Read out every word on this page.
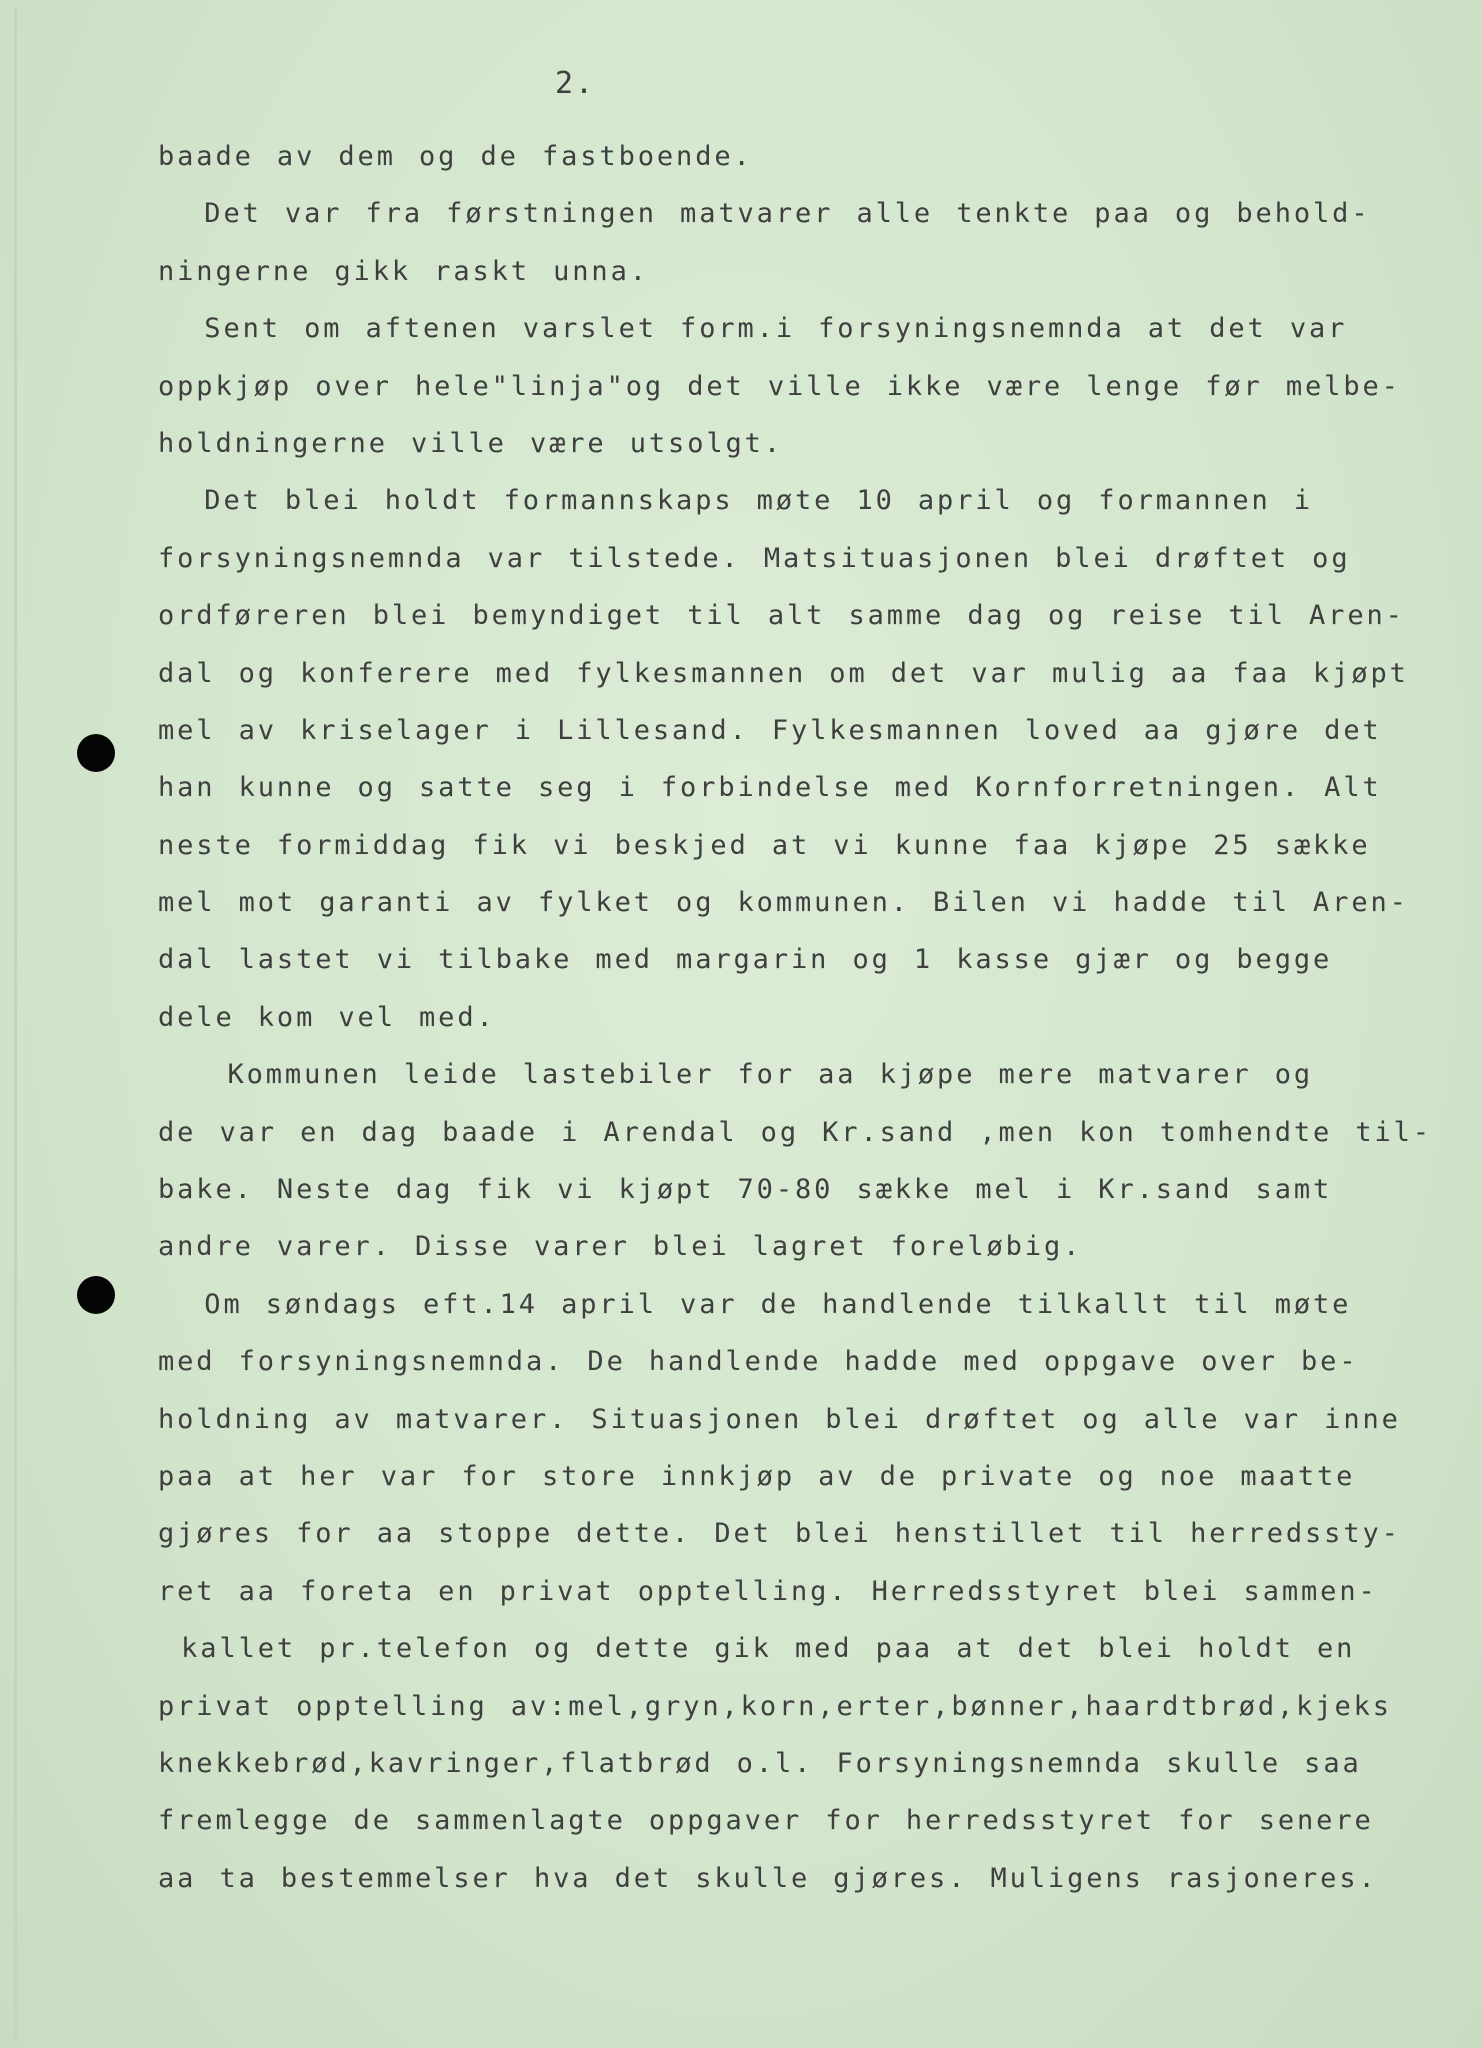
2.
baade av dem og de fastboende.
Det var fra førstningen matvarer alle tenkte paa og behold-
ningerne gikk raskt unna.
Sent om aftenen varslet form.i forsyningsnemnda at det var
oppkjøp over hele"linja"og det ville ikke være lenge før melbe-
holdningerne ville være utsolgt.
Det blei holdt formannskaps møte 10 april og formannen i
forsyningsnemnda var tilstede. Matsituasjonen blei drøftet og
ordføreren blei bemyndiget til alt samme dag og reise til Aren-
dal og konferere med fylkesmannen om det var mulig aa faa kjøpt
mel av kriselager i Lillesand. Fylkesmannen loved aa gjøre det
han kunne og satte seg i forbindelse med Kornforretningen. Alt
neste formiddag fik vi beskjed at vi kunne faa kjøpe 25 sække
mel mot garanti av fylket og kommunen. Bilen vi hadde til Aren-
dal lastet vi tilbake med margarin og 1 kasse gjær og begge
dele kom vel med.
Kommunen leide lastebiler for aa kjøpe mere matvarer og
de var en dag baade i Arendal og Kr.sand ,men kon tomhendte til-
bake. Neste dag fik vi kjøpt 70-80 sække mel i Kr.sand samt
andre varer. Disse varer blei lagret foreløbig.
Om søndags eft.14 april var de handlende tilkallt til møte
med forsyningsnemnda. De handlende hadde med oppgave over be-
holdning av matvarer. Situasjonen blei drøftet og alle var inne
paa at her var for store innkjøp av de private og noe maatte
gjøres for aa stoppe dette. Det blei henstillet til herredssty-
ret aa foreta en privat opptelling. Herredsstyret blei sammen-
kallet pr.telefon og dette gik med paa at det blei holdt en
privat opptelling av:mel,gryn,korn,erter,bønner,haardtbrød,kjeks
knekkebrød,kavringer,flatbrød o.l. Forsyningsnemnda skulle saa
fremlegge de sammenlagte oppgaver for herredsstyret for senere
aa ta bestemmelser hva det skulle gjøres. Muligens rasjoneres.
